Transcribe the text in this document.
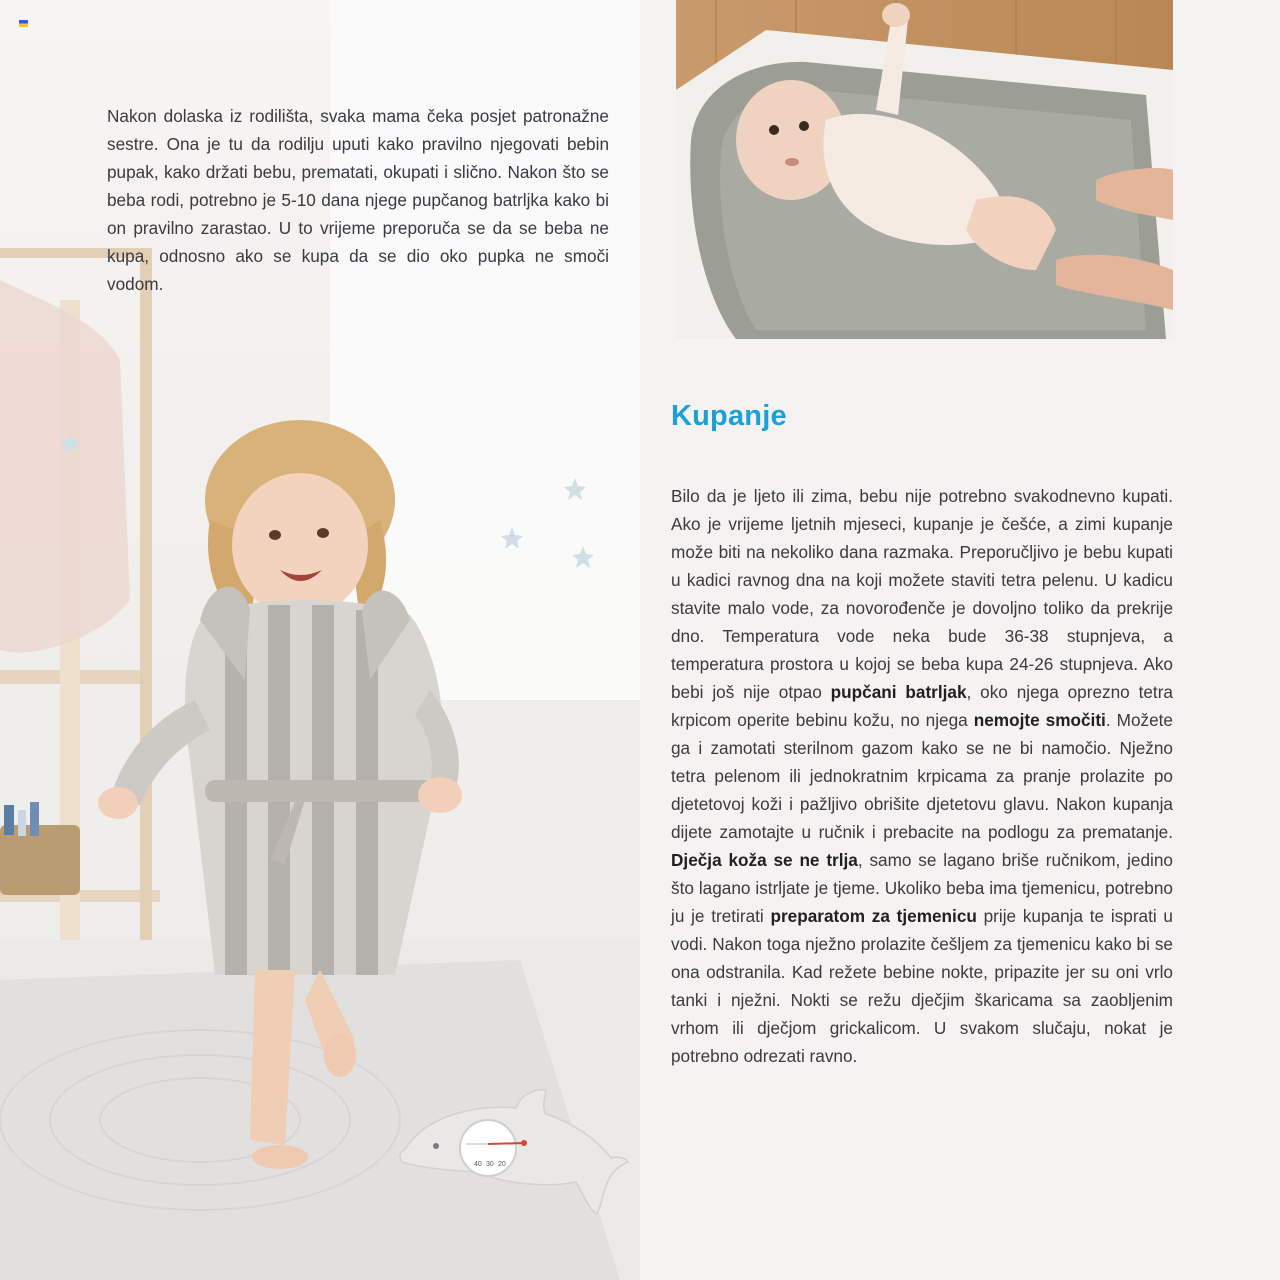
Nakon dolaska iz rodilišta, svaka mama čeka posjet patronažne sestre. Ona je tu da rodilju uputi kako pravilno njegovati bebin pupak, kako držati bebu, prematati, okupati i slično. Nakon što se beba rodi, potrebno je 5-10 dana njege pupčanog batrljka kako bi on pravilno zarastao. U to vrijeme preporuča se da se beba ne kupa, odnosno ako se kupa da se dio oko pupka ne smoči vodom.

Kupanje

Bilo da je ljeto ili zima, bebu nije potrebno svakodnevno kupati. Ako je vrijeme ljetnih mjeseci, kupanje je češće, a zimi kupanje može biti na nekoliko dana razmaka. Preporučljivo je bebu kupati u kadici ravnog dna na koji možete staviti tetra pelenu. U kadicu stavite malo vode, za novorođenče je dovoljno toliko da prekrije dno. Temperatura vode neka bude 36-38 stupnjeva, a temperatura prostora u kojoj se beba kupa 24-26 stupnjeva. Ako bebi još nije otpao pupčani batrljak, oko njega oprezno tetra krpicom operite bebinu kožu, no njega nemojte smočiti. Možete ga i zamotati sterilnom gazom kako se ne bi namočio. Nježno tetra pelenom ili jednokratnim krpicama za pranje prolazite po djetetovoj koži i pažljivo obrišite djetetovu glavu. Nakon kupanja dijete zamotajte u ručnik i prebacite na podlogu za prematanje. Dječja koža se ne trlja, samo se lagano briše ručnikom, jedino što lagano istrljate je tjeme. Ukoliko beba ima tjemenicu, potrebno ju je tretirati preparatom za tjemenicu prije kupanja te isprati u vodi. Nakon toga nježno prolazite češljem za tjemenicu kako bi se ona odstranila. Kad režete bebine nokte, pripazite jer su oni vrlo tanki i nježni. Nokti se režu dječjim škaricama sa zaobljenim vrhom ili dječjom grickalicom. U svakom slučaju, nokat je potrebno odrezati ravno.

40 30 20
